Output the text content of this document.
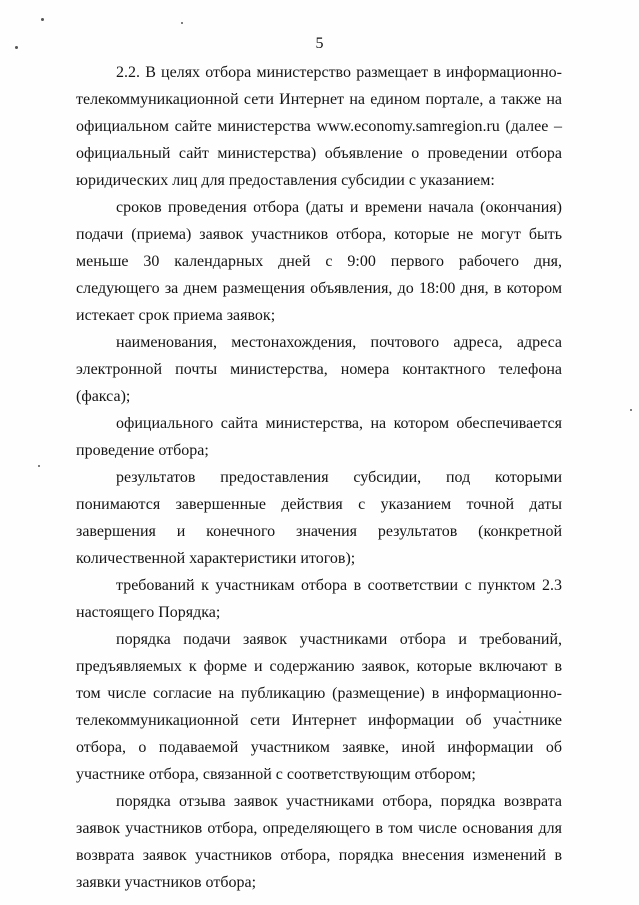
5

2.2. В целях отбора министерство размещает в информационно-телекоммуникационной сети Интернет на едином портале, а также на официальном сайте министерства www.economy.samregion.ru (далее – официальный сайт министерства) объявление о проведении отбора юридических лиц для предоставления субсидии с указанием:

сроков проведения отбора (даты и времени начала (окончания) подачи (приема) заявок участников отбора, которые не могут быть меньше 30 календарных дней с 9:00 первого рабочего дня, следующего за днем размещения объявления, до 18:00 дня, в котором истекает срок приема заявок;

наименования, местонахождения, почтового адреса, адреса электронной почты министерства, номера контактного телефона (факса);

официального сайта министерства, на котором обеспечивается проведение отбора;

результатов предоставления субсидии, под которыми понимаются завершенные действия с указанием точной даты завершения и конечного значения результатов (конкретной количественной характеристики итогов);

требований к участникам отбора в соответствии с пунктом 2.3 настоящего Порядка;

порядка подачи заявок участниками отбора и требований, предъявляемых к форме и содержанию заявок, которые включают в том числе согласие на публикацию (размещение) в информационно-телекоммуникационной сети Интернет информации об участнике отбора, о подаваемой участником заявке, иной информации об участнике отбора, связанной с соответствующим отбором;

порядка отзыва заявок участниками отбора, порядка возврата заявок участников отбора, определяющего в том числе основания для возврата заявок участников отбора, порядка внесения изменений в заявки участников отбора;
